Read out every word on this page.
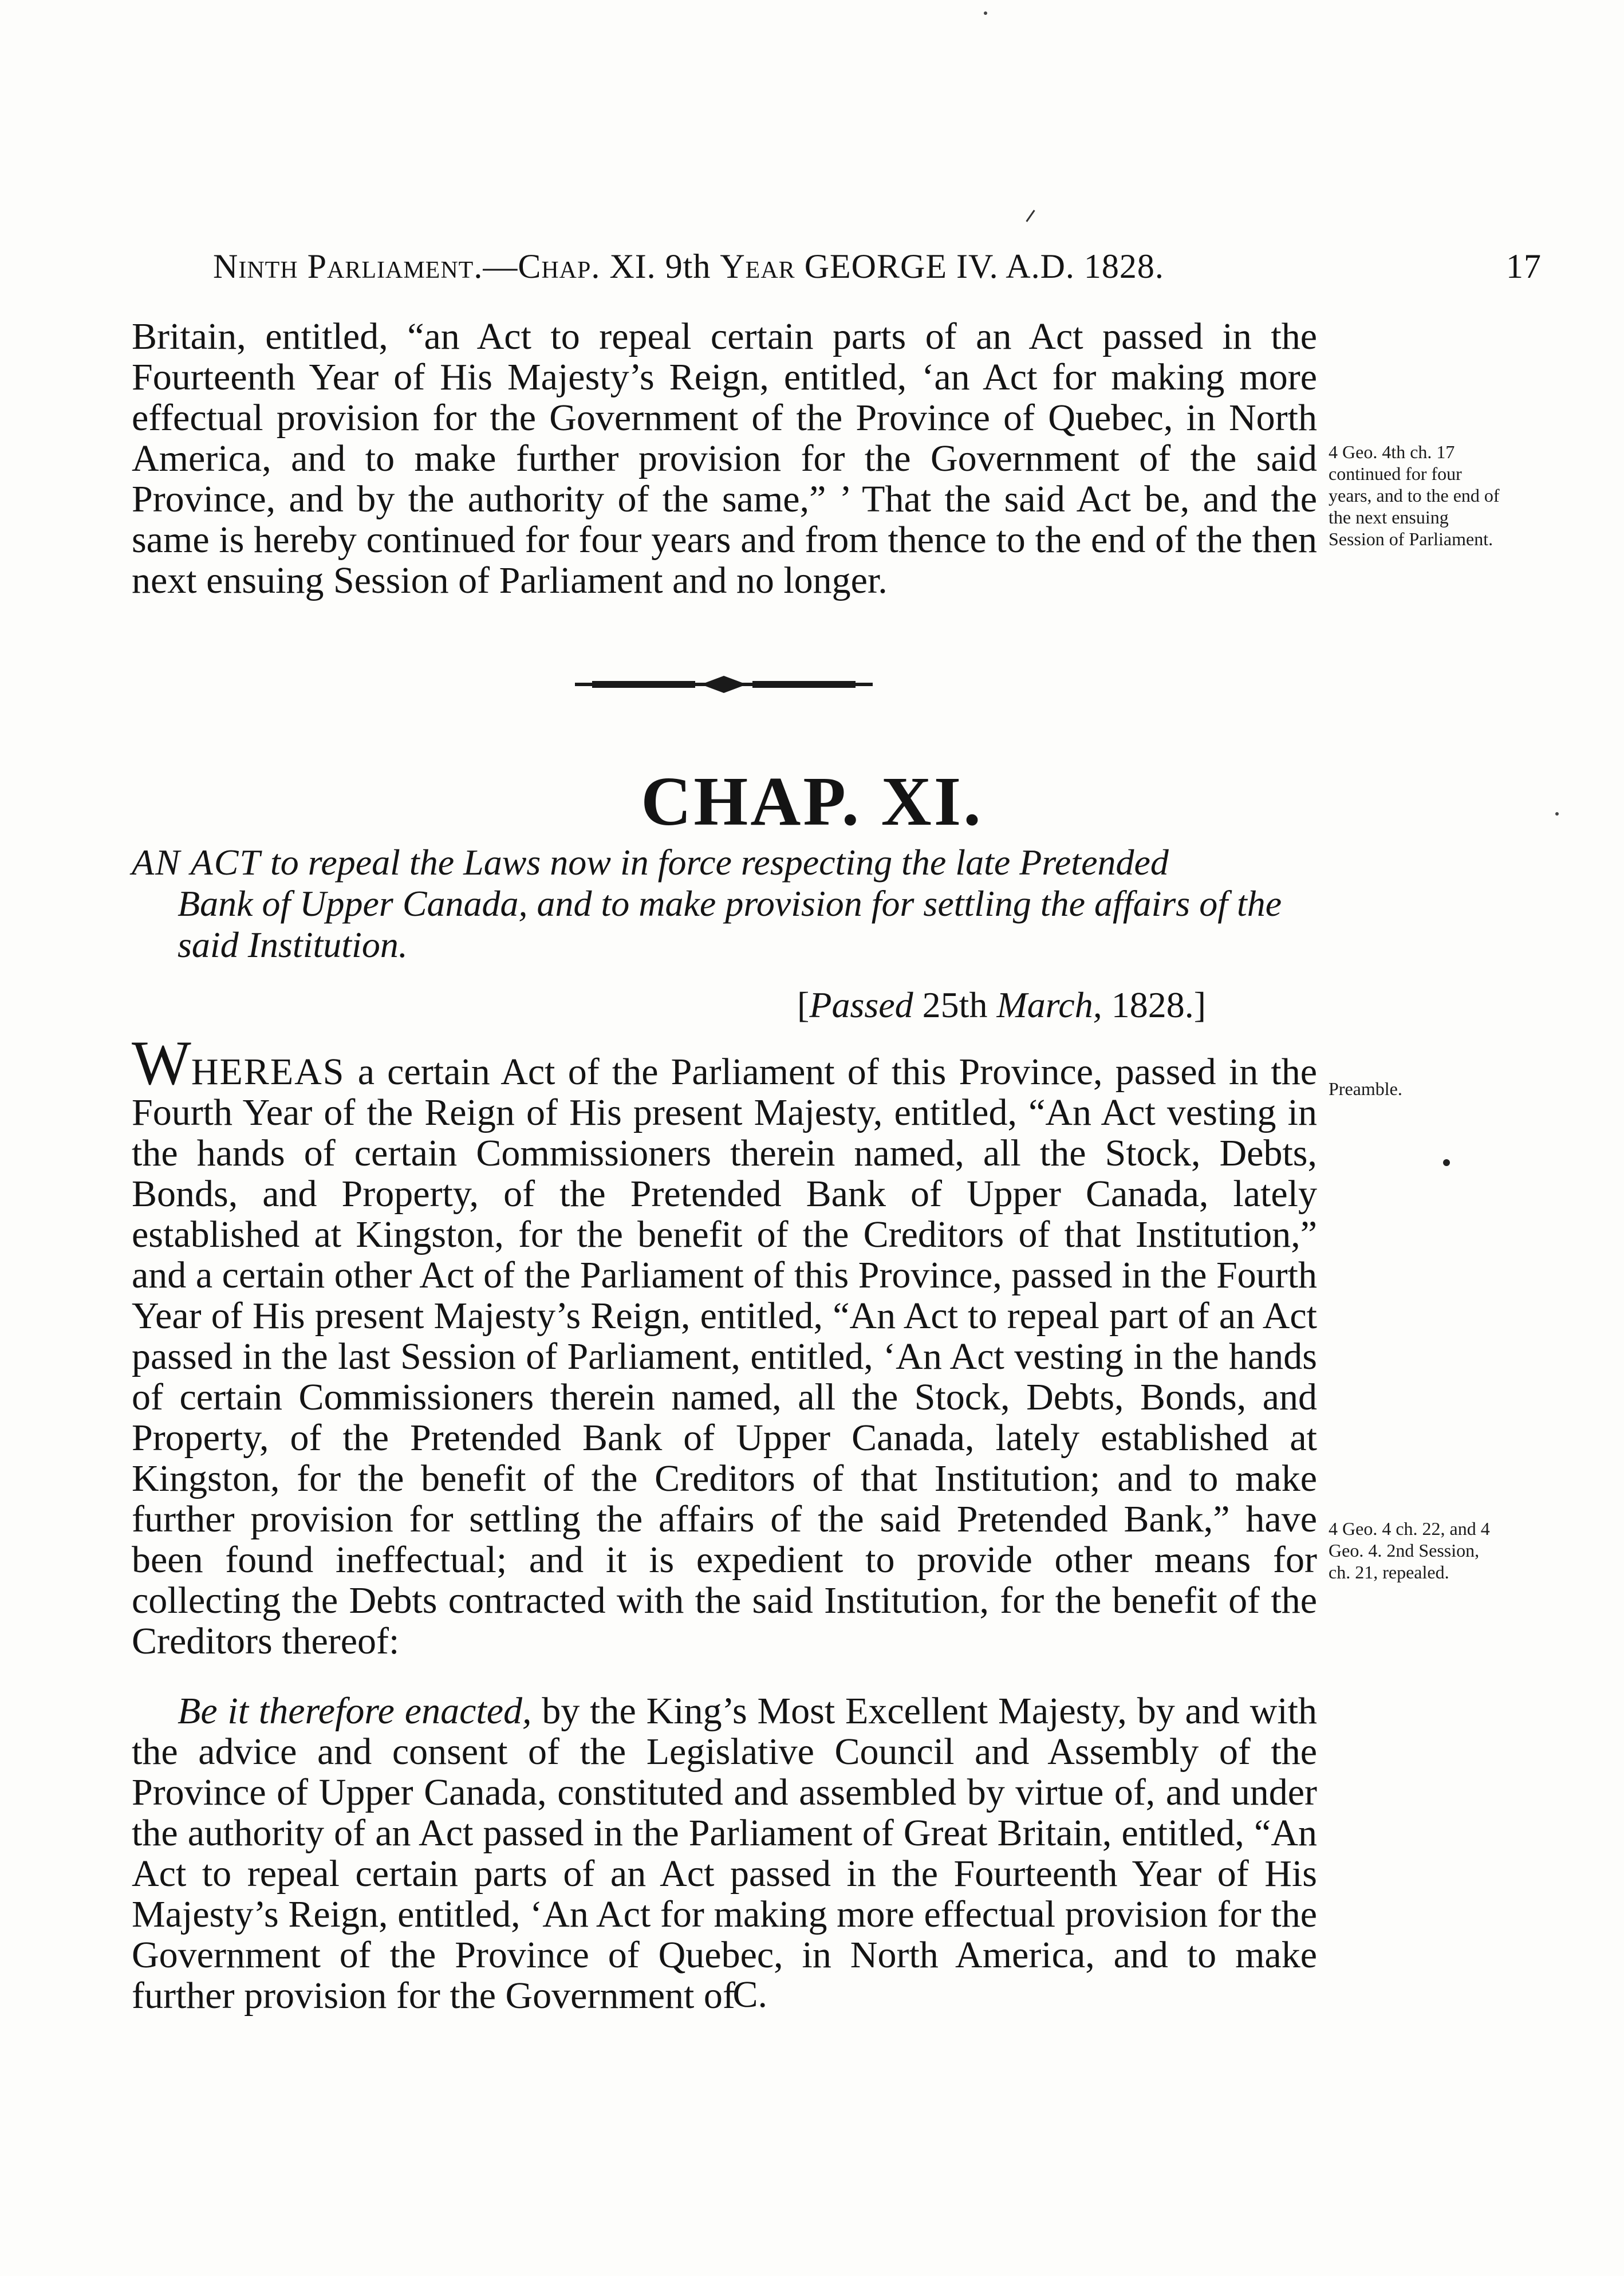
Ninth Parliament.—Chap. XI. 9th Year GEORGE IV. A.D. 1828.	17

Britain, entitled, “an Act to repeal certain parts of an Act passed in the Fourteenth Year of His Majesty’s Reign, entitled, ‘an Act for making more effectual provision for the Government of the Province of Quebec, in North America, and to make further provision for the Government of the said Province, and by the authority of the same,” ’ That the said Act be, and the same is hereby continued for four years and from thence to the end of the then next ensuing Session of Parliament and no longer.

4 Geo. 4th ch. 17 continued for four years, and to the end of the next ensuing Session of Parliament.
CHAP. XI.
AN ACT to repeal the Laws now in force respecting the late Pretended
Bank of Upper Canada, and to make provision for settling the affairs of the said Institution.
[Passed 25th March, 1828.]

WHEREAS a certain Act of the Parliament of this Province, passed in the Fourth Year of the Reign of His present Majesty, entitled, “An Act vesting in the hands of certain Commissioners therein named, all the Stock, Debts, Bonds, and Property, of the Pretended Bank of Upper Canada, lately established at Kingston, for the benefit of the Creditors of that Institution,” and a certain other Act of the Parliament of this Province, passed in the Fourth Year of His present Majesty’s Reign, entitled, “An Act to repeal part of an Act passed in the last Session of Parliament, entitled, ‘An Act vesting in the hands of certain Commissioners therein named, all the Stock, Debts, Bonds, and Property, of the Pretended Bank of Upper Canada, lately established at Kingston, for the benefit of the Creditors of that Institution; and to make further provision for settling the affairs of the said Pretended Bank,” have been found ineffectual; and it is expedient to provide other means for collecting the Debts contracted with the said Institution, for the benefit of the Creditors thereof:

Preamble.
4 Geo. 4 ch. 22, and 4 Geo. 4. 2nd Session, ch. 21, repealed.

Be it therefore enacted, by the King’s Most Excellent Majesty, by and with the advice and consent of the Legislative Council and Assembly of the Province of Upper Canada, constituted and assembled by virtue of, and under the authority of an Act passed in the Parliament of Great Britain, entitled, “An Act to repeal certain parts of an Act passed in the Fourteenth Year of His Majesty’s Reign, entitled, ‘An Act for making more effectual provision for the Government of the Province of Quebec, in North America, and to make further provision for the Government of

C.
